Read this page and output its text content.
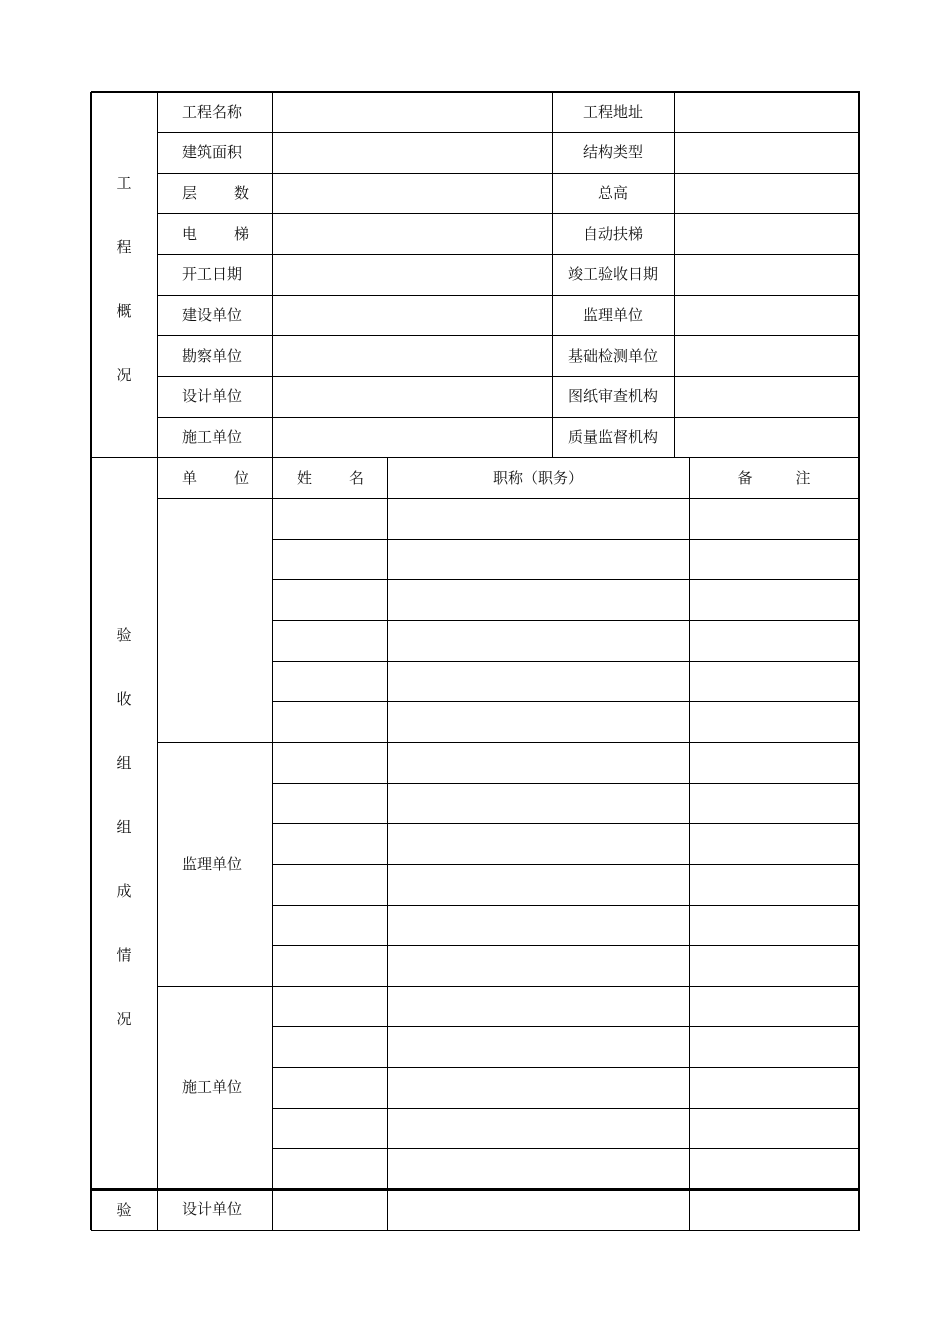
工程名称	工程地址
建筑面积	结构类型
层 数	总高
电 梯	自动扶梯
开工日期	竣工验收日期
建设单位	监理单位
勘察单位	基础检测单位
设计单位	图纸审查机构
施工单位	质量监督机构
工
程
概
况
单 位	姓 名	职称（职务）	备	注
监理单位
施工单位
验
收
组
组
成
情
况
验	设计单位
